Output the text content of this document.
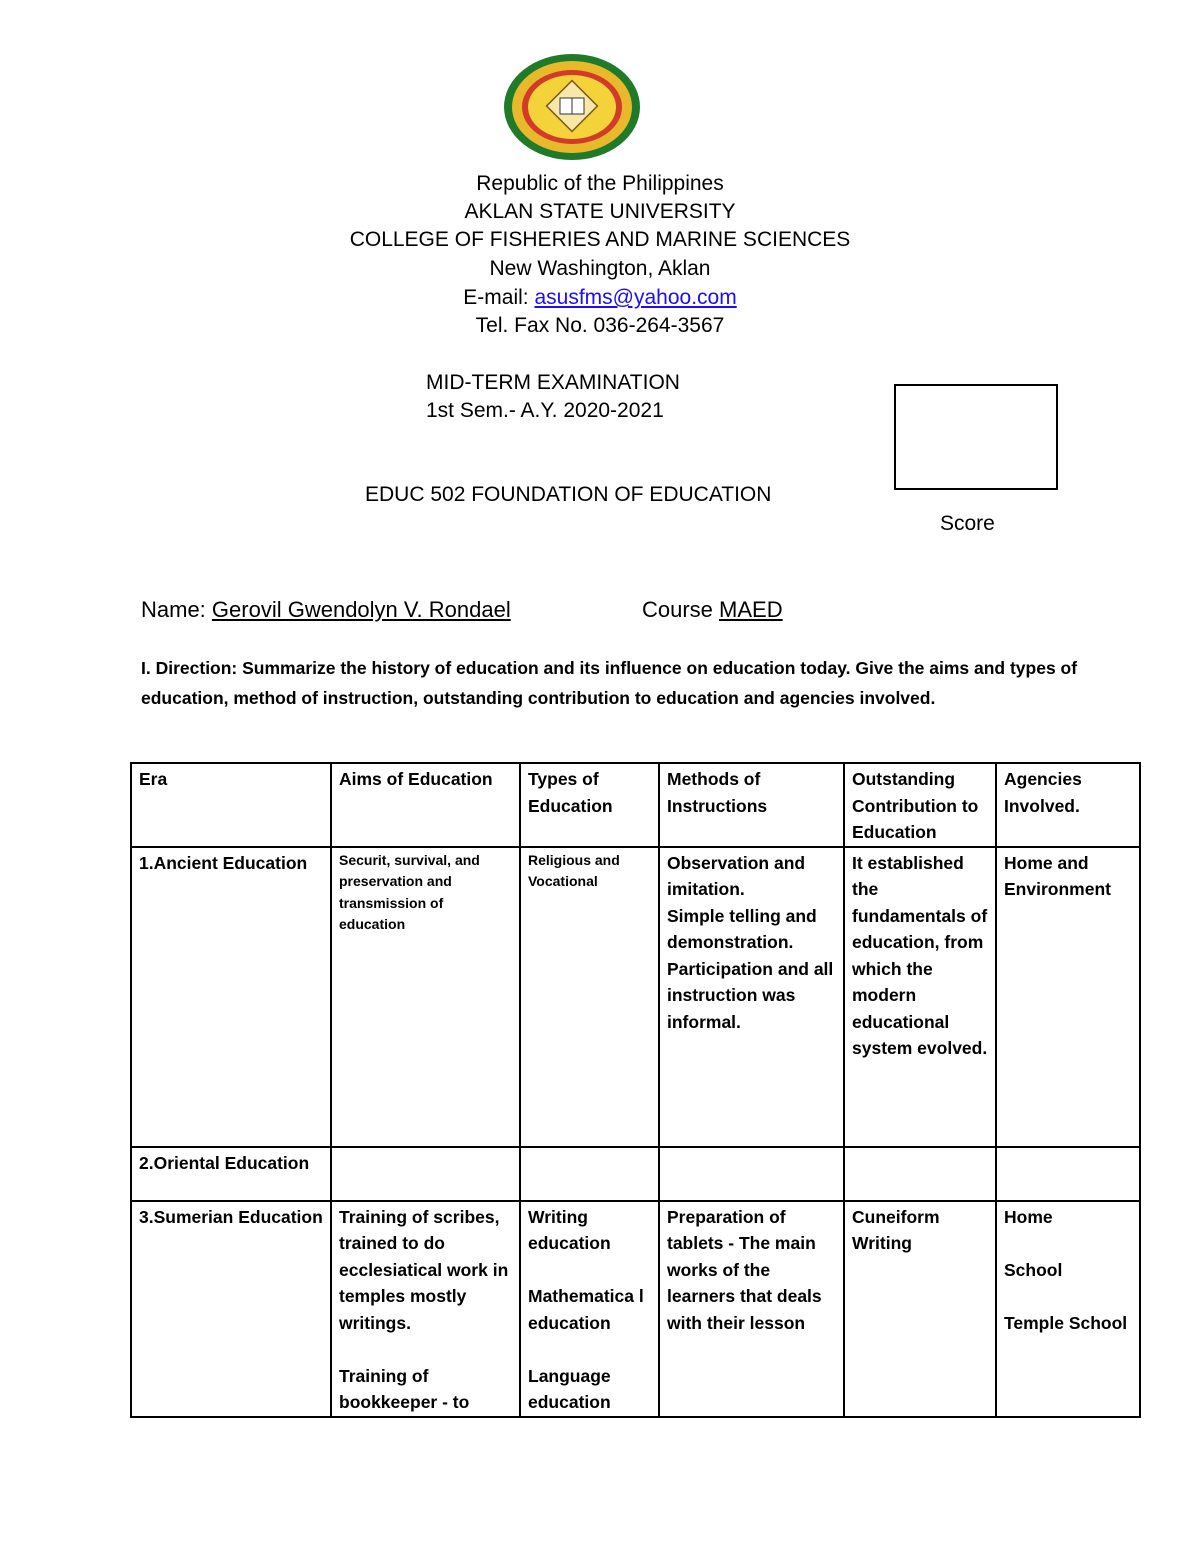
Republic of the Philippines
AKLAN STATE UNIVERSITY
COLLEGE OF FISHERIES AND MARINE SCIENCES
New Washington, Aklan
E-mail: asusfms@yahoo.com
Tel. Fax No. 036-264-3567
MID-TERM EXAMINATION
1st Sem.- A.Y. 2020-2021
EDUC 502 FOUNDATION OF EDUCATION
Score
Name: Gerovil Gwendolyn V. Rondael	Course MAED
I. Direction: Summarize the history of education and its influence on education today. Give the aims and types of education, method of instruction, outstanding contribution to education and agencies involved.
Era	Aims of Education	Types of Education	Methods of Instructions	Outstanding Contribution to Education	Agencies Involved.
1.Ancient Education	Securit, survival, and preservation and transmission of education	Religious and Vocational	Observation and imitation.
Simple telling and demonstration.
Participation and all instruction was informal.	It established the fundamentals of education, from which the modern educational system evolved.	Home and Environment
2.Oriental Education					
3.Sumerian Education	Training of scribes, trained to do ecclesiatical work in temples mostly writings.

Training of bookkeeper - to	Writing education

Mathematica l education

Language education	Preparation of tablets - The main works of the learners that deals with their lesson	Cuneiform Writing	Home

School

Temple School
